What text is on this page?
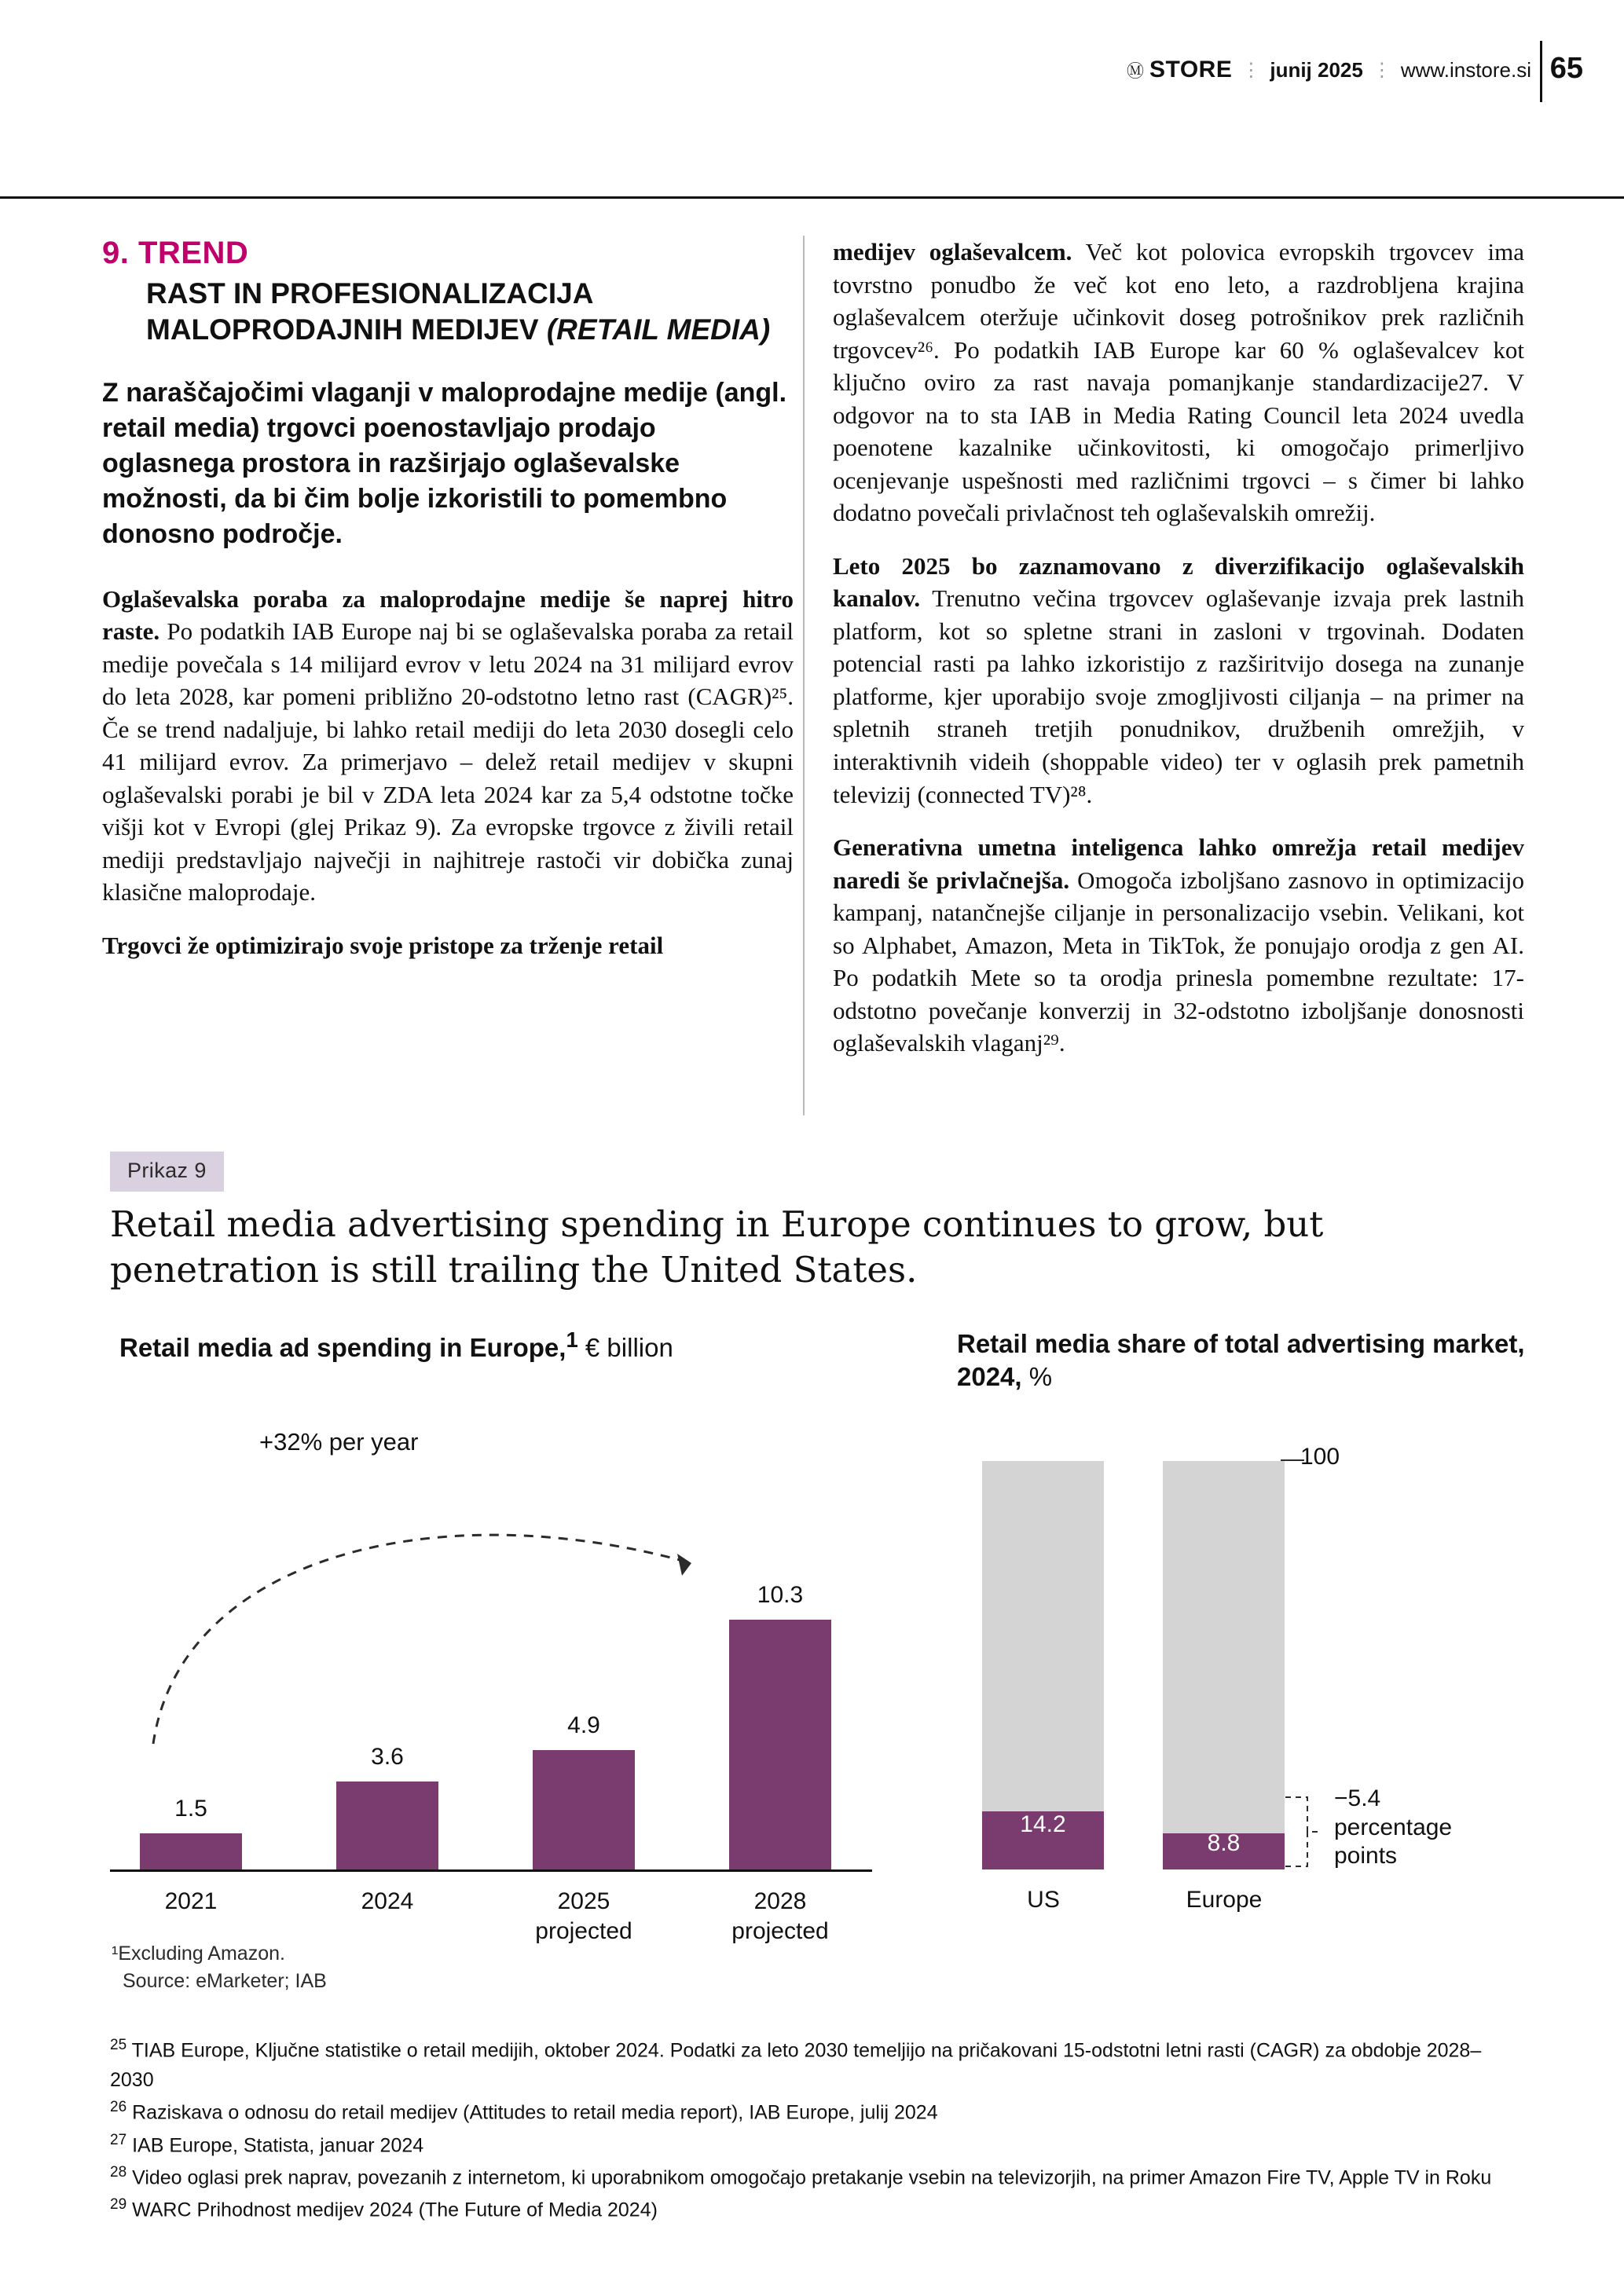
Ⓜ STORE ⋮ junij 2025 ⋮ www.instore.si 65
9. TREND
RAST IN PROFESIONALIZACIJA
MALOPRODAJNIH MEDIJEV (RETAIL MEDIA)
Z naraščajočimi vlaganji v maloprodajne medije (angl. retail media) trgovci poenostavljajo prodajo oglasnega prostora in razširjajo oglaševalske možnosti, da bi čim bolje izkoristili to pomembno donosno področje.

Oglaševalska poraba za maloprodajne medije še naprej hitro raste. Po podatkih IAB Europe naj bi se oglaševalska poraba za retail medije povečala s 14 milijard evrov v letu 2024 na 31 milijard evrov do leta 2028, kar pomeni približno 20-odstotno letno rast (CAGR)²⁵. Če se trend nadaljuje, bi lahko retail mediji do leta 2030 dosegli celo 41 milijard evrov. Za primerjavo – delež retail medijev v skupni oglaševalski porabi je bil v ZDA leta 2024 kar za 5,4 odstotne točke višji kot v Evropi (glej Prikaz 9). Za evropske trgovce z živili retail mediji predstavljajo največji in najhitreje rastoči vir dobička zunaj klasične maloprodaje.

Trgovci že optimizirajo svoje pristope za trženje retail

medijev oglaševalcem. Več kot polovica evropskih trgovcev ima tovrstno ponudbo že več kot eno leto, a razdrobljena krajina oglaševalcem oteržuje učinkovit doseg potrošnikov prek različnih trgovcev²⁶. Po podatkih IAB Europe kar 60 % oglaševalcev kot ključno oviro za rast navaja pomanjkanje standardizacije27. V odgovor na to sta IAB in Media Rating Council leta 2024 uvedla poenotene kazalnike učinkovitosti, ki omogočajo primerljivo ocenjevanje uspešnosti med različnimi trgovci – s čimer bi lahko dodatno povečali privlačnost teh oglaševalskih omrežij.

Leto 2025 bo zaznamovano z diverzifikacijo oglaševalskih kanalov. Trenutno večina trgovcev oglaševanje izvaja prek lastnih platform, kot so spletne strani in zasloni v trgovinah. Dodaten potencial rasti pa lahko izkoristijo z razširitvijo dosega na zunanje platforme, kjer uporabijo svoje zmogljivosti ciljanja – na primer na spletnih straneh tretjih ponudnikov, družbenih omrežjih, v interaktivnih videih (shoppable video) ter v oglasih prek pametnih televizij (connected TV)²⁸.

Generativna umetna inteligenca lahko omrežja retail medijev naredi še privlačnejša. Omogoča izboljšano zasnovo in optimizacijo kampanj, natančnejše ciljanje in personalizacijo vsebin. Velikani, kot so Alphabet, Amazon, Meta in TikTok, že ponujajo orodja z gen AI. Po podatkih Mete so ta orodja prinesla pomembne rezultate: 17-odstotno povečanje konverzij in 32-odstotno izboljšanje donosnosti oglaševalskih vlaganj²⁹.

Prikaz 9
Retail media advertising spending in Europe continues to grow, but penetration is still trailing the United States.
Retail media ad spending in Europe,$^1$ € billion	Retail media share of total advertising market, 2024, %
+32% per year
1.5
2021
3.6
2024
4.9
2025
projected
10.3
2028
projected
14.2
US
8.8
Europe
100
−5.4
percentage points
¹Excluding Amazon.
Source: eMarketer; IAB
$^{25}$ TIAB Europe, Ključne statistike o retail medijih, oktober 2024. Podatki za leto 2030 temeljijo na pričakovani 15-odstotni letni rasti (CAGR) za obdobje 2028–2030
$^{26}$ Raziskava o odnosu do retail medijev (Attitudes to retail media report), IAB Europe, julij 2024
$^{27}$ IAB Europe, Statista, januar 2024
$^{28}$ Video oglasi prek naprav, povezanih z internetom, ki uporabnikom omogočajo pretakanje vsebin na televizorjih, na primer Amazon Fire TV, Apple TV in Roku
$^{29}$ WARC Prihodnost medijev 2024 (The Future of Media 2024)
